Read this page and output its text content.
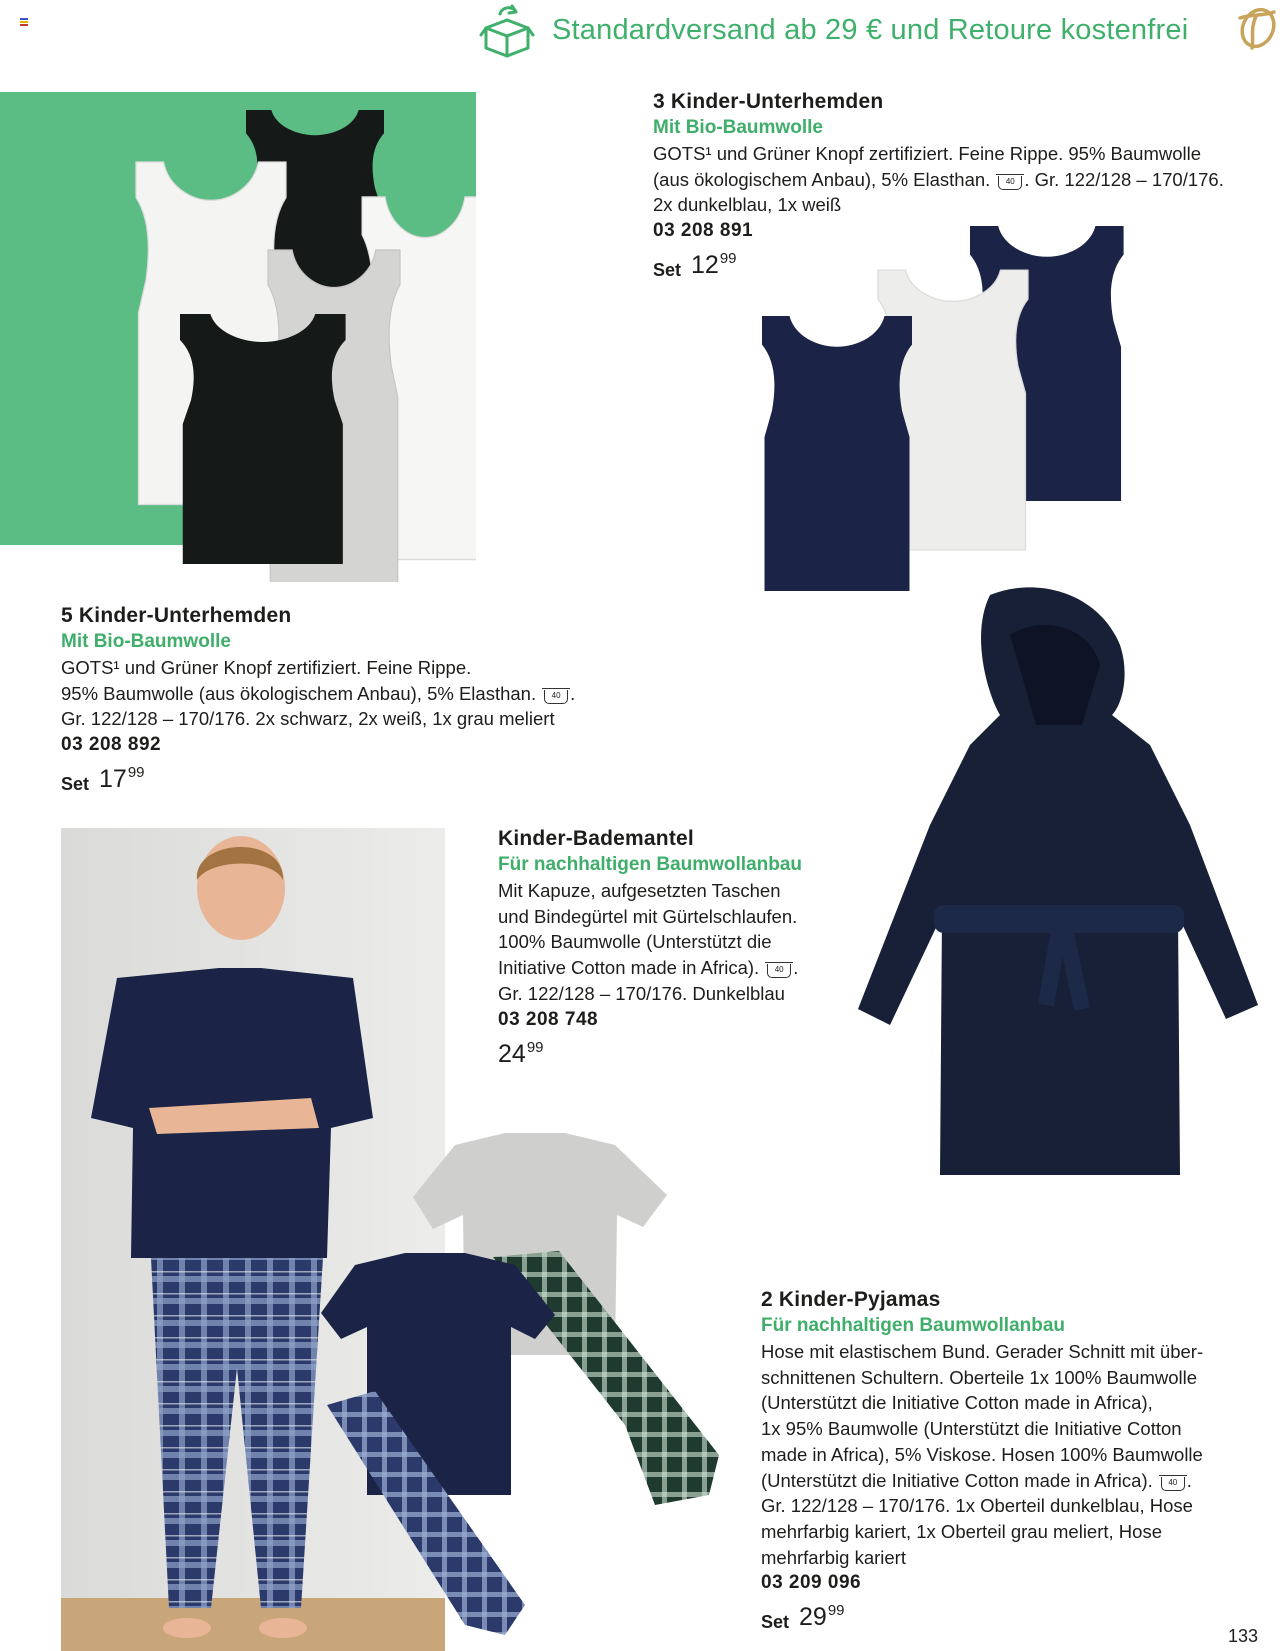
Standardversand ab 29 € und Retoure kostenfrei
3 Kinder-Unterhemden
Mit Bio-Baumwolle
GOTS¹ und Grüner Knopf zertifiziert. Feine Rippe. 95% Baumwolle
(aus ökologischem Anbau), 5% Elasthan. 40 . Gr. 122/128 – 170/176.
2x dunkelblau, 1x weiß
03 208 891
Set 12 99
5 Kinder-Unterhemden
Mit Bio-Baumwolle
GOTS¹ und Grüner Knopf zertifiziert. Feine Rippe.
95% Baumwolle (aus ökologischem Anbau), 5% Elasthan. 40 .
Gr. 122/128 – 170/176. 2x schwarz, 2x weiß, 1x grau meliert
03 208 892
Set 17 99
Kinder-Bademantel
Für nachhaltigen Baumwollanbau
Mit Kapuze, aufgesetzten Taschen
und Bindegürtel mit Gürtelschlaufen.
100% Baumwolle (Unterstützt die
Initiative Cotton made in Africa). 40 .
Gr. 122/128 – 170/176. Dunkelblau
03 208 748
24 99
2 Kinder-Pyjamas
Für nachhaltigen Baumwollanbau
Hose mit elastischem Bund. Gerader Schnitt mit über-
schnittenen Schultern. Oberteile 1x 100% Baumwolle
(Unterstützt die Initiative Cotton made in Africa),
1x 95% Baumwolle (Unterstützt die Initiative Cotton
made in Africa), 5% Viskose. Hosen 100% Baumwolle
(Unterstützt die Initiative Cotton made in Africa). 40 .
Gr. 122/128 – 170/176. 1x Oberteil dunkelblau, Hose
mehrfarbig kariert, 1x Oberteil grau meliert, Hose
mehrfarbig kariert
03 209 096
Set 29 99
133
